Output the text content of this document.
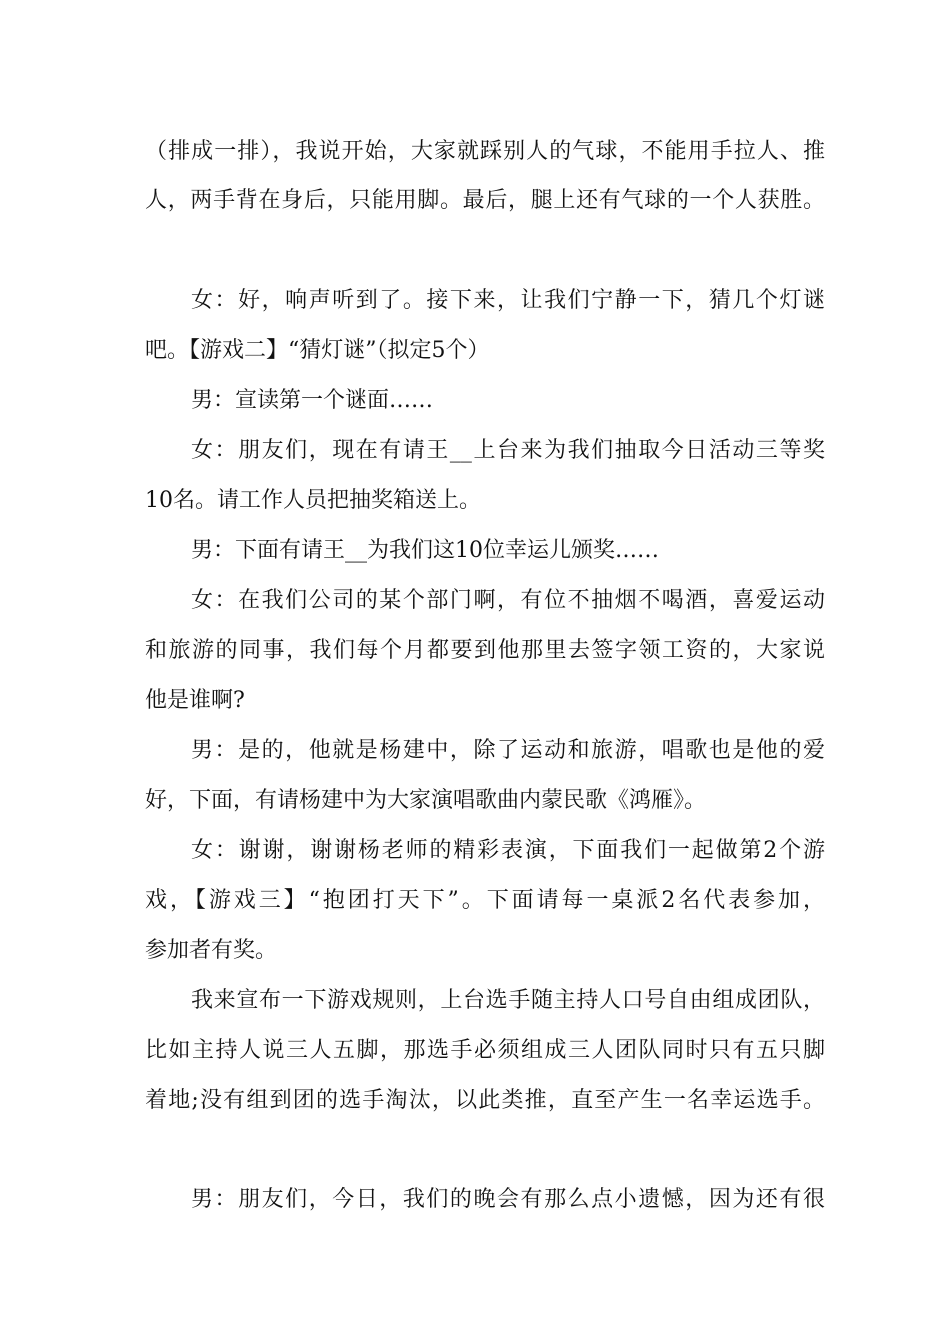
（排成一排），我说开始，大家就踩别人的气球，不能用手拉人、推
人，两手背在身后，只能用脚。最后，腿上还有气球的一个人获胜。
女：好，响声听到了。接下来，让我们宁静一下，猜几个灯谜
吧。【游戏二】“猜灯谜”（拟定5个）
男：宣读第一个谜面……
女：朋友们，现在有请王__上台来为我们抽取今日活动三等奖
10名。请工作人员把抽奖箱送上。
男：下面有请王__为我们这10位幸运儿颁奖……
女：在我们公司的某个部门啊，有位不抽烟不喝酒，喜爱运动
和旅游的同事，我们每个月都要到他那里去签字领工资的，大家说
他是谁啊?
男：是的，他就是杨建中，除了运动和旅游，唱歌也是他的爱
好，下面，有请杨建中为大家演唱歌曲内蒙民歌《鸿雁》。
女：谢谢，谢谢杨老师的精彩表演，下面我们一起做第2个游
戏，【游戏三】“抱团打天下”。下面请每一桌派2名代表参加，
参加者有奖。
我来宣布一下游戏规则，上台选手随主持人口号自由组成团队，
比如主持人说三人五脚，那选手必须组成三人团队同时只有五只脚
着地;没有组到团的选手淘汰，以此类推，直至产生一名幸运选手。
男：朋友们，今日，我们的晚会有那么点小遗憾，因为还有很
